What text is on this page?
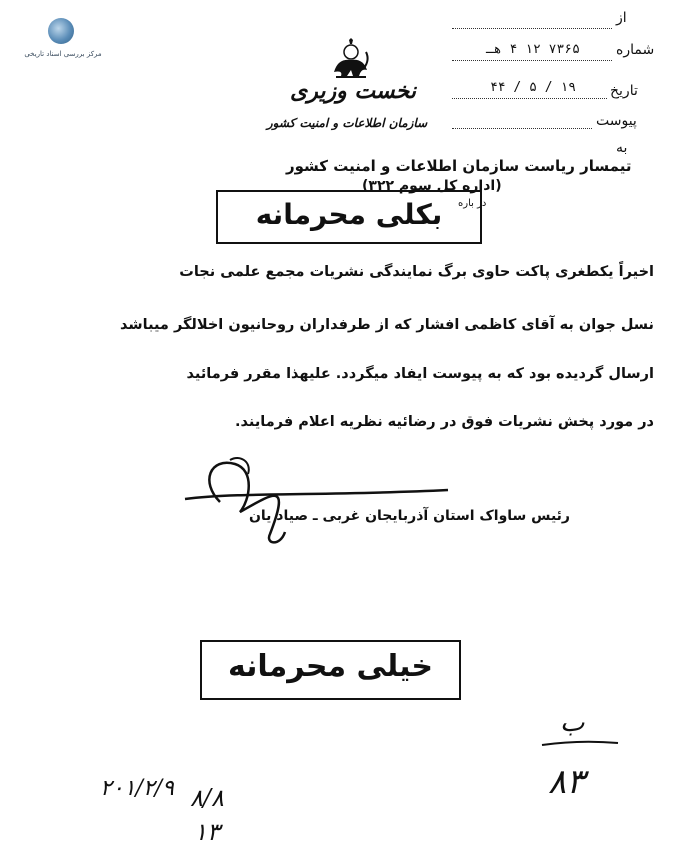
مرکز بررسی اسناد تاریخی
از
شماره
۷۳۶۵ ۱۲ ۴ هـ
تاریخ
۴۴ / ۵ / ۱۹
پیوست
به
نخست وزیری
سازمان اطلاعات و امنیت کشور
تیمسار ریاست سازمان اطلاعات و امنیت کشور
(اداره کل سوم ۳۲۲)
در باره
بکلی محرمانه
اخیراً یکطغری پاکت حاوی برگ نمایندگی نشریات مجمع علمی نجات
نسل جوان به آقای کاظمی افشار که از طرفداران روحانیون اخلالگر میباشد
ارسال گردیده بود که به پیوست ایفاد میگردد. علیهذا مقرر فرمائید
در مورد پخش نشریات فوق در رضائیه نظریه اعلام فرمایند.
رئیس ساواک استان آذربایجان غربی ـ صیاد یان
خیلی محرمانه
ب
۸۳
۲۰۱/۲/۹ ۸/۸
۱۳
